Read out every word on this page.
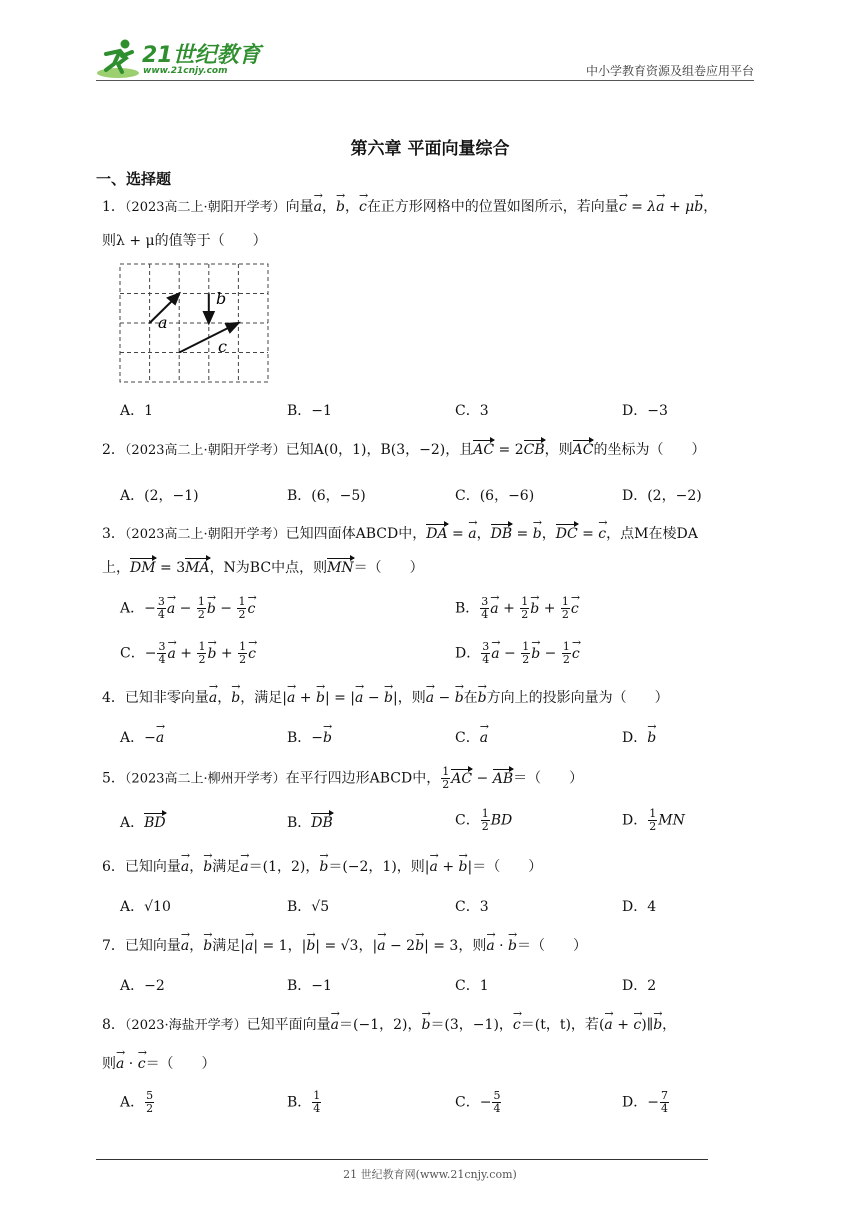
21世纪教育
www.21cnjy.com	中小学教育资源及组卷应用平台
第六章 平面向量综合
一、选择题
1．（2023高二上·朝阳开学考）向量→ a，→ b，→ c在正方形网格中的位置如图所示，若向量→ c = λ→ a + μ→ b，
则λ + μ的值等于（　　）
a
b
c
A．1	B．−1	C．3	D．−3
2．（2023高二上·朝阳开学考）已知A(0，1)，B(3，−2)，且AC = 2CB，则AC的坐标为（　　）
A．(2，−1)	B．(6，−5)	C．(6，−6)	D．(2，−2)
3．（2023高二上·朝阳开学考）已知四面体ABCD中，DA = → a，DB = → b，DC = → c，点M在棱DA
上，DM = 3MA，N为BC中点，则MN＝（　　）
A．− $\frac{3}{4}$
→ $a - \frac{1}{2}$
→ $b - \frac{1}{2}$
→ c	B． $\frac{3}{4}$
→ $a + \frac{1}{2}$
→ $b + \frac{1}{2}$
→ c
C．− $\frac{3}{4}$
→ $a + \frac{1}{2}$
→ $b + \frac{1}{2}$
→ c	D． $\frac{3}{4}$
→ $a - \frac{1}{2}$
→ $b - \frac{1}{2}$
→ c
4．已知非零向量→ a，→ b，满足|→ a + → b| = |→ a − → b|，则→ a − → b在→ b方向上的投影向量为（　　）
A．−→ a	B．−→ b	C．→ a	D．→ b
5．（2023高二上·柳州开学考）在平行四边形ABCD中， $\frac{1}{2}$ AC − AB＝（　　）
A．BD	B．DB	C． $\frac{1}{2}$ BD	D． $\frac{1}{2}$ MN
6．已知向量→ a，→ b满足→ a＝(1，2)，→ b＝(−2，1)，则|→ a + → b|＝（　　）
A．√10	B．√5	C．3	D．4
7．已知向量→ a，→ b满足|→ a| = 1，|→ b| = √3，|→ a − 2→ b| = 3，则→ a · → b＝（　　）
A．−2	B．−1	C．1	D．2
8．（2023·海盐开学考）已知平面向量→ a＝(−1，2)，→ b＝(3，−1)，→ c＝(t，t)，若(→ a + → c)∥→ b，
则→ a · → c＝（　　）
A． $\frac{5}{2}$	B． $\frac{1}{4}$	C．− $\frac{5}{4}$	D．− $\frac{7}{4}$
21 世纪教育网(www.21cnjy.com)
